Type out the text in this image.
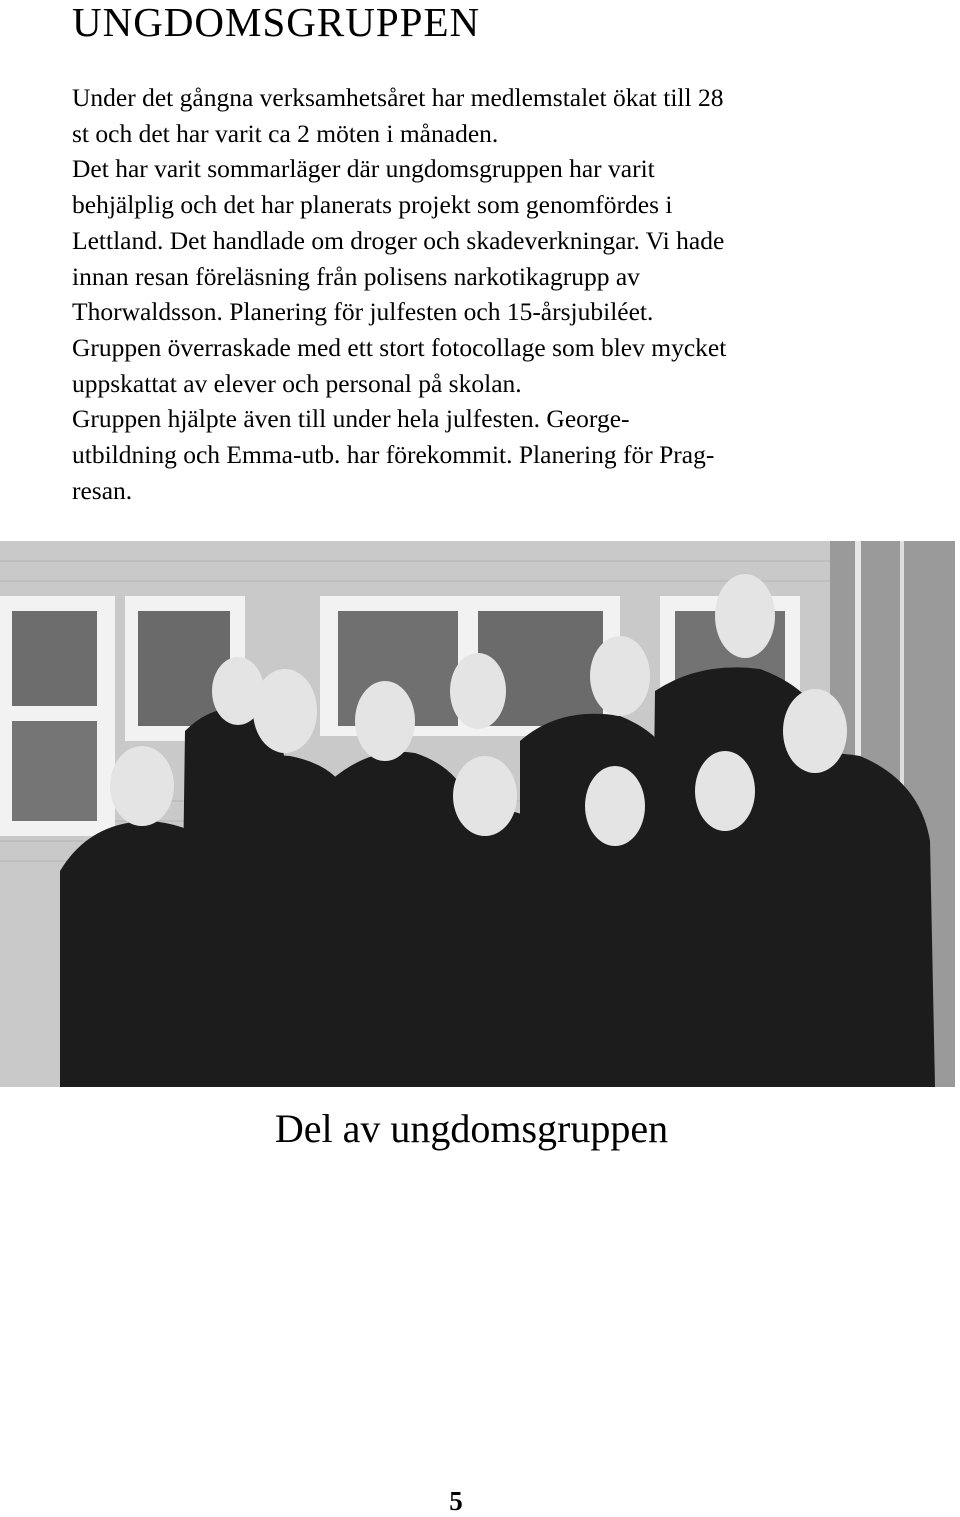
UNGDOMSGRUPPEN
Under det gångna verksamhetsåret har medlemstalet ökat till 28
st och det har varit ca 2 möten i månaden.
Det har varit sommarläger där ungdomsgruppen har varit
behjälplig och det har planerats projekt som genomfördes i
Lettland. Det handlade om droger och skadeverkningar. Vi hade
innan resan föreläsning från polisens narkotikagrupp av
Thorwaldsson. Planering för julfesten och 15-årsjubiléet.
Gruppen överraskade med ett stort fotocollage som blev mycket
uppskattat av elever och personal på skolan.
Gruppen hjälpte även till under hela julfesten. George-
utbildning och Emma-utb. har förekommit. Planering för Prag-
resan.
Del av ungdomsgruppen
5
